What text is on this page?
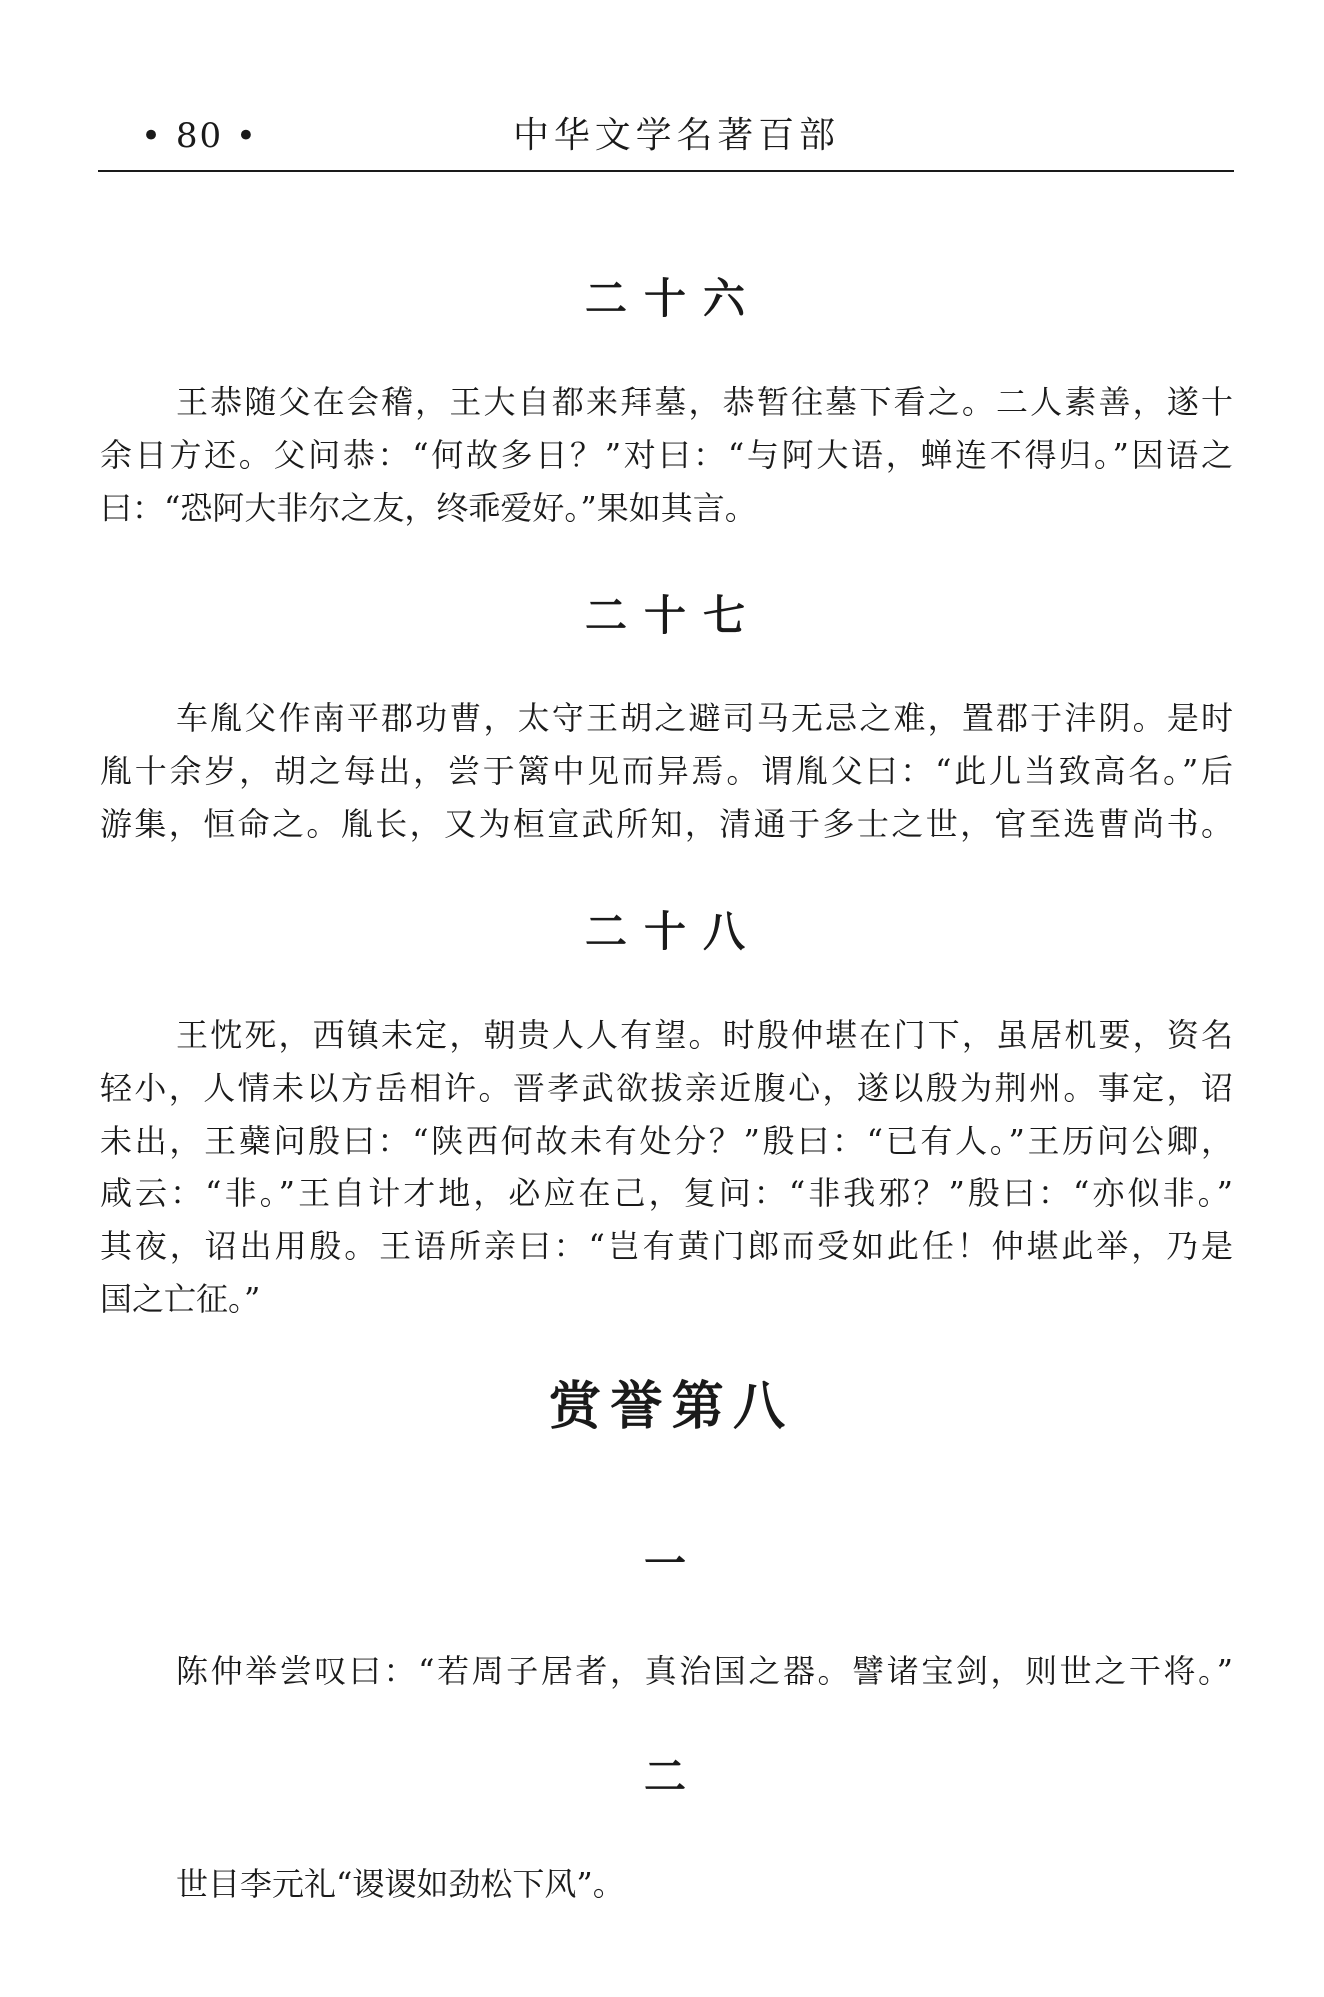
• 80 •	中华文学名著百部
二十六
王恭随父在会稽，王大自都来拜墓，恭暂往墓下看之。二人素善，遂十
余日方还。父问恭：“何故多日？”对曰：“与阿大语，蝉连不得归。”因语之
曰：“恐阿大非尔之友，终乖爱好。”果如其言。
二十七
车胤父作南平郡功曹，太守王胡之避司马无忌之难，置郡于沣阴。是时
胤十余岁，胡之每出，尝于篱中见而异焉。谓胤父曰：“此儿当致高名。”后
游集，恒命之。胤长，又为桓宣武所知，清通于多士之世，官至选曹尚书。
二十八
王忱死，西镇未定，朝贵人人有望。时殷仲堪在门下，虽居机要，资名
轻小，人情未以方岳相许。晋孝武欲拔亲近腹心，遂以殷为荆州。事定，诏
未出，王蘗问殷曰：“陕西何故未有处分？”殷曰：“已有人。”王历问公卿，
咸云：“非。”王自计才地，必应在己，复问：“非我邪？”殷曰：“亦似非。”
其夜，诏出用殷。王语所亲曰：“岂有黄门郎而受如此任！仲堪此举，乃是
国之亡征。”
赏誉第八
一
陈仲举尝叹曰：“若周子居者，真治国之器。譬诸宝剑，则世之干将。”
二
世目李元礼“谡谡如劲松下风”。
